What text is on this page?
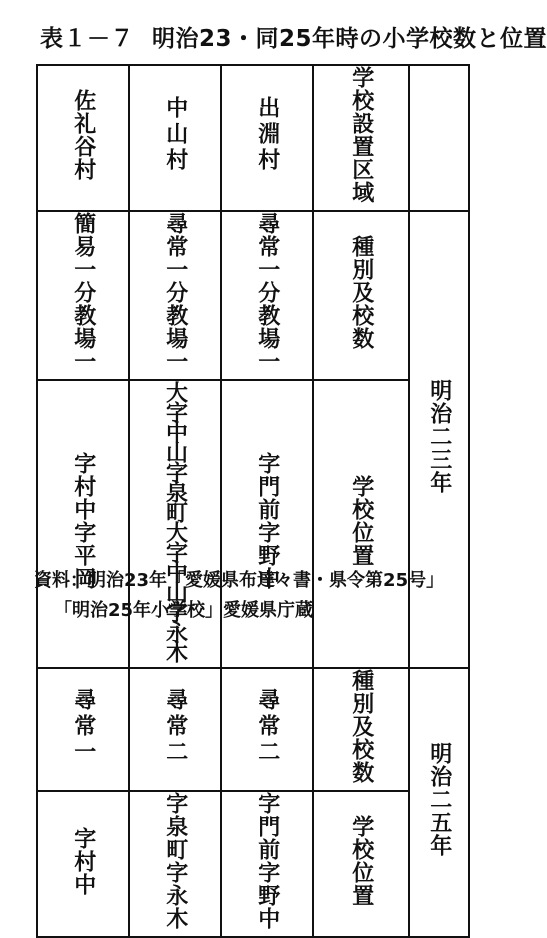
表１－７ 明治23・同25年時の小学校数と位置
佐礼谷村	中山村	出淵村	学校設置区域	
簡易一分教場一	尋常一分教場一	尋常一分教場一	種別及校数	明治二三年
字村中字平岡	大字中山字泉町大字中山字永木	字門前字野中	学校位置	
尋常一	尋常二	尋常二	種別及校数	明治二五年
字村中	字泉町字永木	字門前字野中	学校位置	
資料：明治23年「愛媛県布達々書・県令第25号」
「明治25年小学校」愛媛県庁蔵
